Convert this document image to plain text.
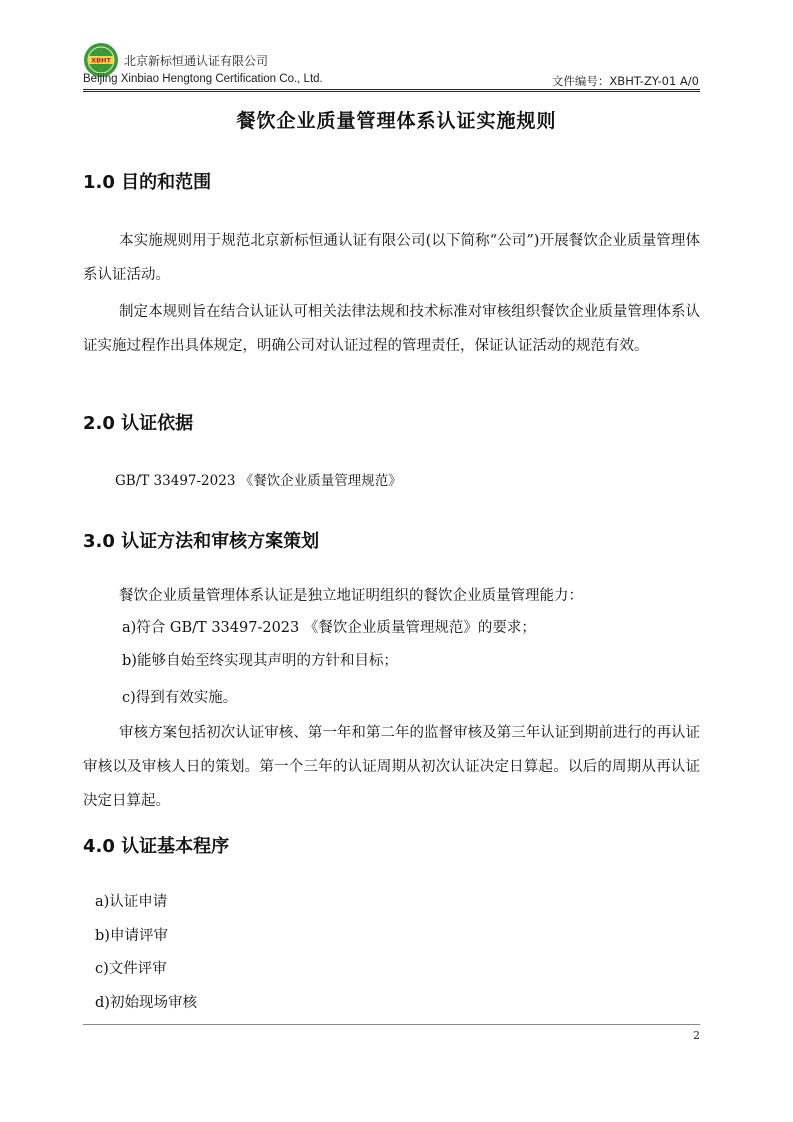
XBHT 北京新标恒通认证有限公司
Beijing Xinbiao Hengtong Certification Co., Ltd.	文件编号：XBHT-ZY-01 A/0
餐饮企业质量管理体系认证实施规则
1.0 目的和范围
本实施规则用于规范北京新标恒通认证有限公司(以下简称“公司”)开展餐饮企业质量管理体系认证活动。
制定本规则旨在结合认证认可相关法律法规和技术标准对审核组织餐饮企业质量管理体系认证实施过程作出具体规定，明确公司对认证过程的管理责任，保证认证活动的规范有效。
2.0 认证依据
GB/T 33497-2023 《餐饮企业质量管理规范》
3.0 认证方法和审核方案策划
餐饮企业质量管理体系认证是独立地证明组织的餐饮企业质量管理能力：
a)符合 GB/T 33497-2023 《餐饮企业质量管理规范》的要求；
b)能够自始至终实现其声明的方针和目标；
c)得到有效实施。
审核方案包括初次认证审核、第一年和第二年的监督审核及第三年认证到期前进行的再认证审核以及审核人日的策划。第一个三年的认证周期从初次认证决定日算起。以后的周期从再认证决定日算起。
4.0 认证基本程序
a)认证申请
b)申请评审
c)文件评审
d)初始现场审核
2
